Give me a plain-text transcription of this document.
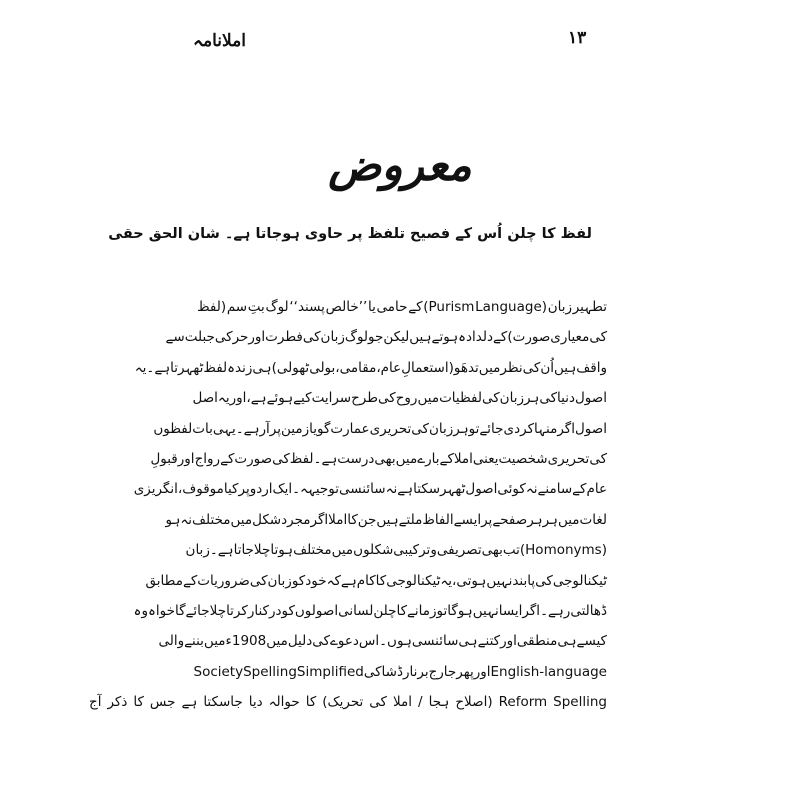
املانامہ	۱۳
معروض
لفظ کا چلن اُس کے فصیح تلفظ پر حاوی ہوجاتا ہے۔ شان الحق حقی
تطہیر
زبان
(Language
Purism)
کے
حامی
یا
’’خالص
پسند‘‘
لوگ
بتِ
سم
(لفظ
کی
معیاری
صورت)
کے
دلدادہ
ہوتے
ہیں
لیکن
جو
لوگ
زبان
کی
فطرت
اور
حرکی
جبلت
سے
واقف
ہیں
اُن
کی
نظر
میں
تدھَو
(استعمالِ
عام،
مقامی،
بولی
ٹھولی)
ہی
زندہ
لفظ
ٹھہرتا
ہے۔
یہ
اصول
دنیا
کی
ہر
زبان
کی
لفظیات
میں
روح
کی
طرح
سرایت
کیے
ہوئے
ہے،
اور
یہ
اصل
اصول
اگر
منہا
کر
دی
جائے
تو
ہر
زبان
کی
تحریری
عمارت
گویا
زمین
پر
آ
رہے۔
یہی
بات
لفظوں
کی
تحریری
شخصیت
یعنی
املا
کے
بارے
میں
بھی
درست
ہے۔
لفظ
کی
صورت
کے
رواج
اور
قبولِ
عام
کے
سامنے
نہ
کوئی
اصول
ٹھہر
سکتا
ہے
نہ
سائنسی
توجیہہ۔
ایک
اردو
پر
کیا
موقوف،
انگریزی
لغات
میں
ہر
ہر
صفحے
پر
ایسے
الفاظ
ملتے
ہیں
جن
کا
املا
اگر
مجرد
شکل
میں
مختلف
نہ
ہو
(Homonyms)
تب
بھی
تصریفی
و
ترکیبی
شکلوں
میں
مختلف
ہوتا
چلا
جاتا
ہے۔
زبان
ٹیکنالوجی
کی
پابند
نہیں
ہوتی،
یہ
ٹیکنالوجی
کا
کام
ہے
کہ
خود
کو
زبان
کی
ضروریات
کے
مطابق
ڈھالتی
رہے۔
اگر
ایسا
نہیں
ہوگا
تو
زمانے
کا
چلن
لسانی
اصولوں
کو
درکنار
کرتا
چلا
جائے
گا
خواہ
وہ
کیسے
ہی
منطقی
اور
کتنے
ہی
سائنسی
ہوں۔
اس
دعوے
کی
دلیل
میں
1908ء
میں
بننے
والی
English-language
اور
پھر
جارج
برنارڈ
شا
کی
Simplified
Spelling
Society
Spelling
Reform
(اصلاح
ہجا
/
املا
کی
تحریک)
کا
حوالہ
دیا
جاسکتا
ہے
جس
کا
ذکر
آج
